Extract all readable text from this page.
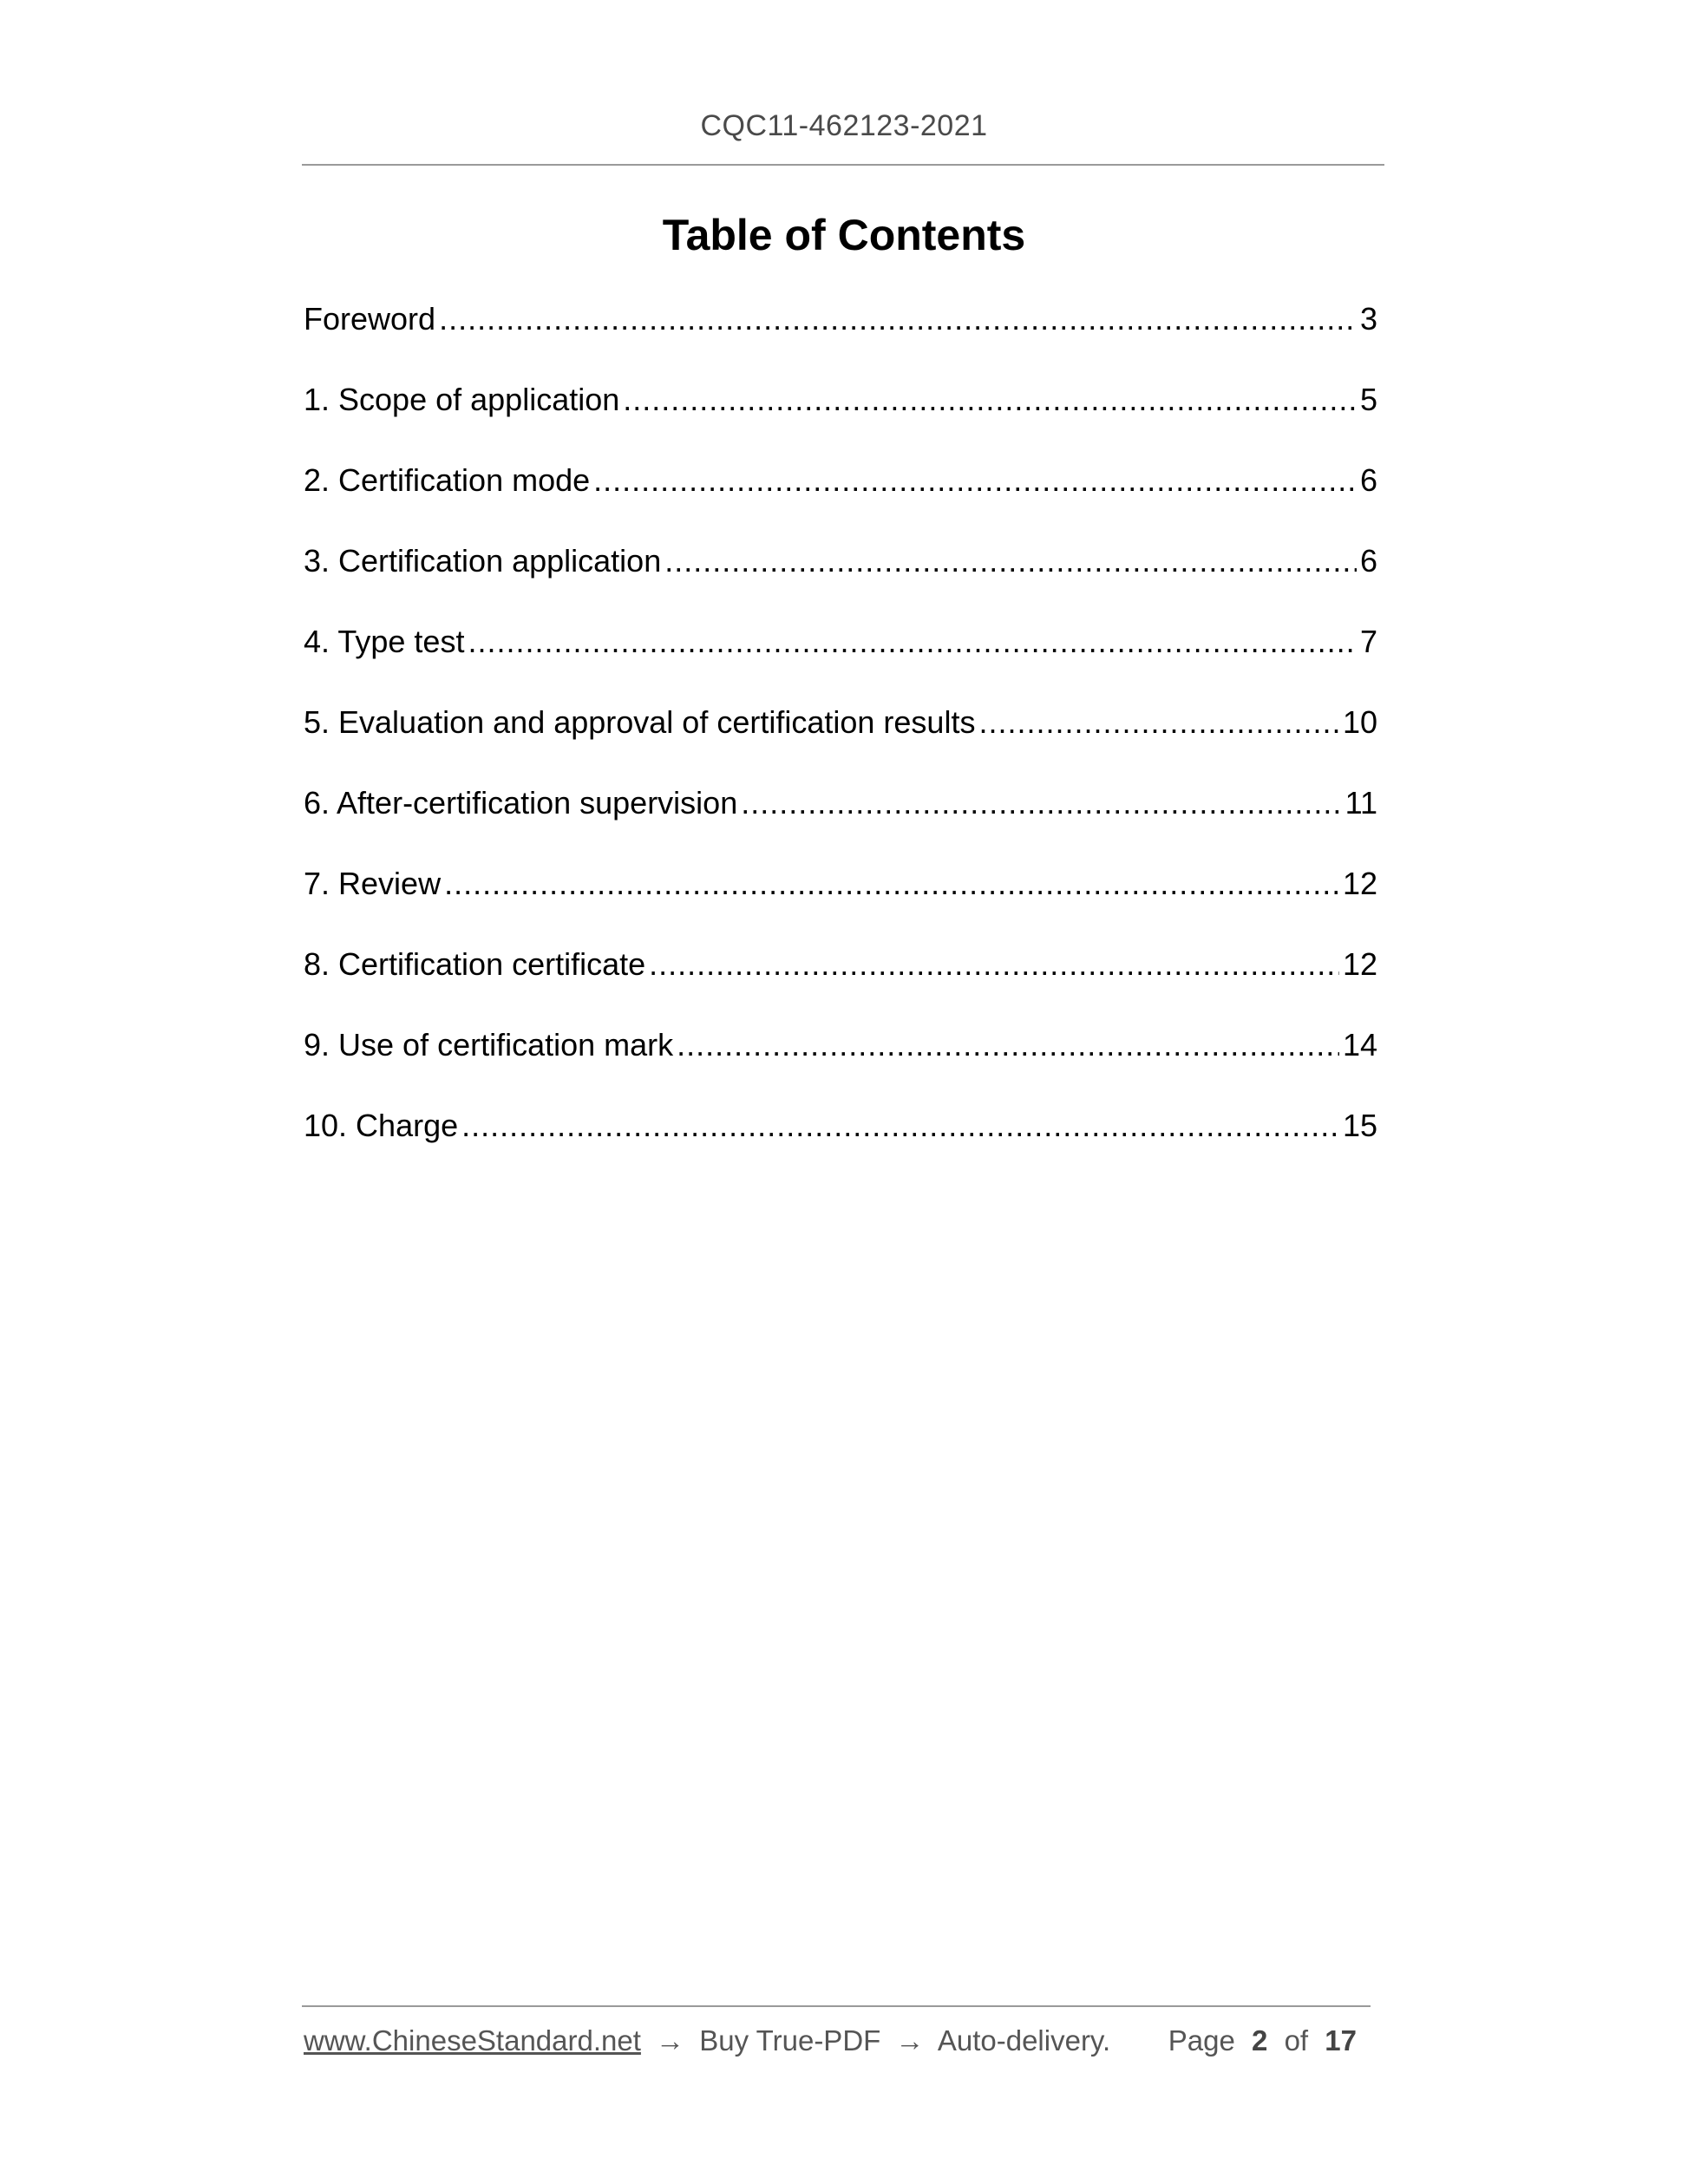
CQC11-462123-2021
Table of Contents
Foreword .....	3
1. Scope of application .....	5
2. Certification mode .....	6
3. Certification application .....	6
4. Type test .....	7
5. Evaluation and approval of certification results .....	10
6. After-certification supervision .....	11
7. Review .....	12
8. Certification certificate .....	12
9. Use of certification mark .....	14
10. Charge .....	15
www.ChineseStandard.net → Buy True-PDF → Auto-delivery. Page 2 of 17
